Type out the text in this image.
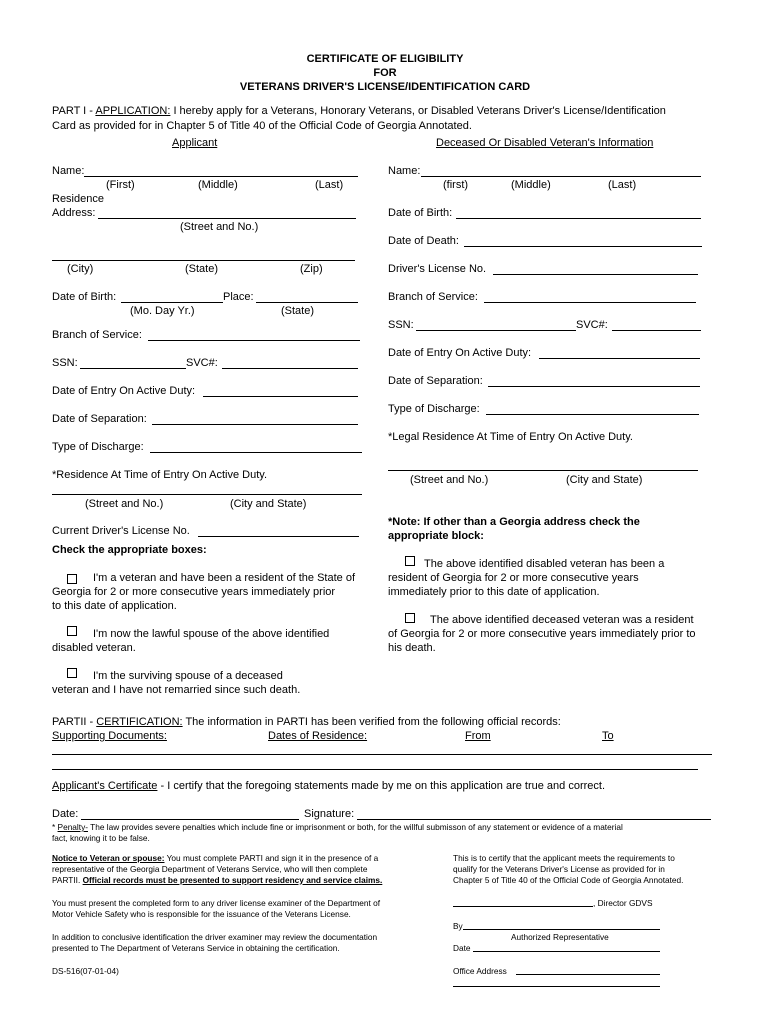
CERTIFICATE OF ELIGIBILITY
FOR
VETERANS DRIVER'S LICENSE/IDENTIFICATION CARD
PART I - APPLICATION: I hereby apply for a Veterans, Honorary Veterans, or Disabled Veterans Driver's License/Identification
Card as provided for in Chapter 5 of Title 40 of the Official Code of Georgia Annotated.
Applicant	Deceased Or Disabled Veteran's Information
Name:
(First)	(Middle)	(Last)
Residence
Address:
(Street and No.)
(City)	(State)	(Zip)
Date of Birth:	Place:
(Mo. Day Yr.)	(State)
Branch of Service:
SSN:	SVC#:
Date of Entry On Active Duty:
Date of Separation:
Type of Discharge:
*Residence At Time of Entry On Active Duty.
(Street and No.)	(City and State)
Current Driver's License No.
Check the appropriate boxes:
I'm a veteran and have been a resident of the State of
Georgia for 2 or more consecutive years immediately prior
to this date of application.
I'm now the lawful spouse of the above identified
disabled veteran.
I'm the surviving spouse of a deceased
veteran and I have not remarried since such death.
Name:
(first)	(Middle)	(Last)
Date of Birth:
Date of Death:
Driver's License No.
Branch of Service:
SSN:	SVC#:
Date of Entry On Active Duty:
Date of Separation:
Type of Discharge:
*Legal Residence At Time of Entry On Active Duty.
(Street and No.)	(City and State)
*Note: If other than a Georgia address check the
appropriate block:
The above identified disabled veteran has been a
resident of Georgia for 2 or more consecutive years
immediately prior to this date of application.
The above identified deceased veteran was a resident
of Georgia for 2 or more consecutive years immediately prior to
his death.
PARTII - CERTIFICATION: The information in PARTI has been verified from the following official records:
Supporting Documents:	Dates of Residence:	From	To
Applicant's Certificate - I certify that the foregoing statements made by me on this application are true and correct.
Date:	Signature:
* Penalty- The law provides severe penalties which include fine or imprisonment or both, for the willful submisson of any statement or evidence of a material
fact, knowing it to be false.
Notice to Veteran or spouse: You must complete PARTI and sign it in the presence of a
representative of the Georgia Department of Veterans Service, who will then complete
PARTII. Official records must be presented to support residency and service claims.
You must present the completed form to any driver license examiner of the Department of
Motor Vehicle Safety who is responsible for the issuance of the Veterans License.
In addition to conclusive identification the driver examiner may review the documentation
presented to The Department of Veterans Service in obtaining the certification.
DS-516(07-01-04)
This is to certify that the applicant meets the requirements to
qualify for the Veterans Driver's License as provided for in
Chapter 5 of Title 40 of the Official Code of Georgia Annotated.
, Director GDVS
By
Authorized Representative
Date
Office Address
